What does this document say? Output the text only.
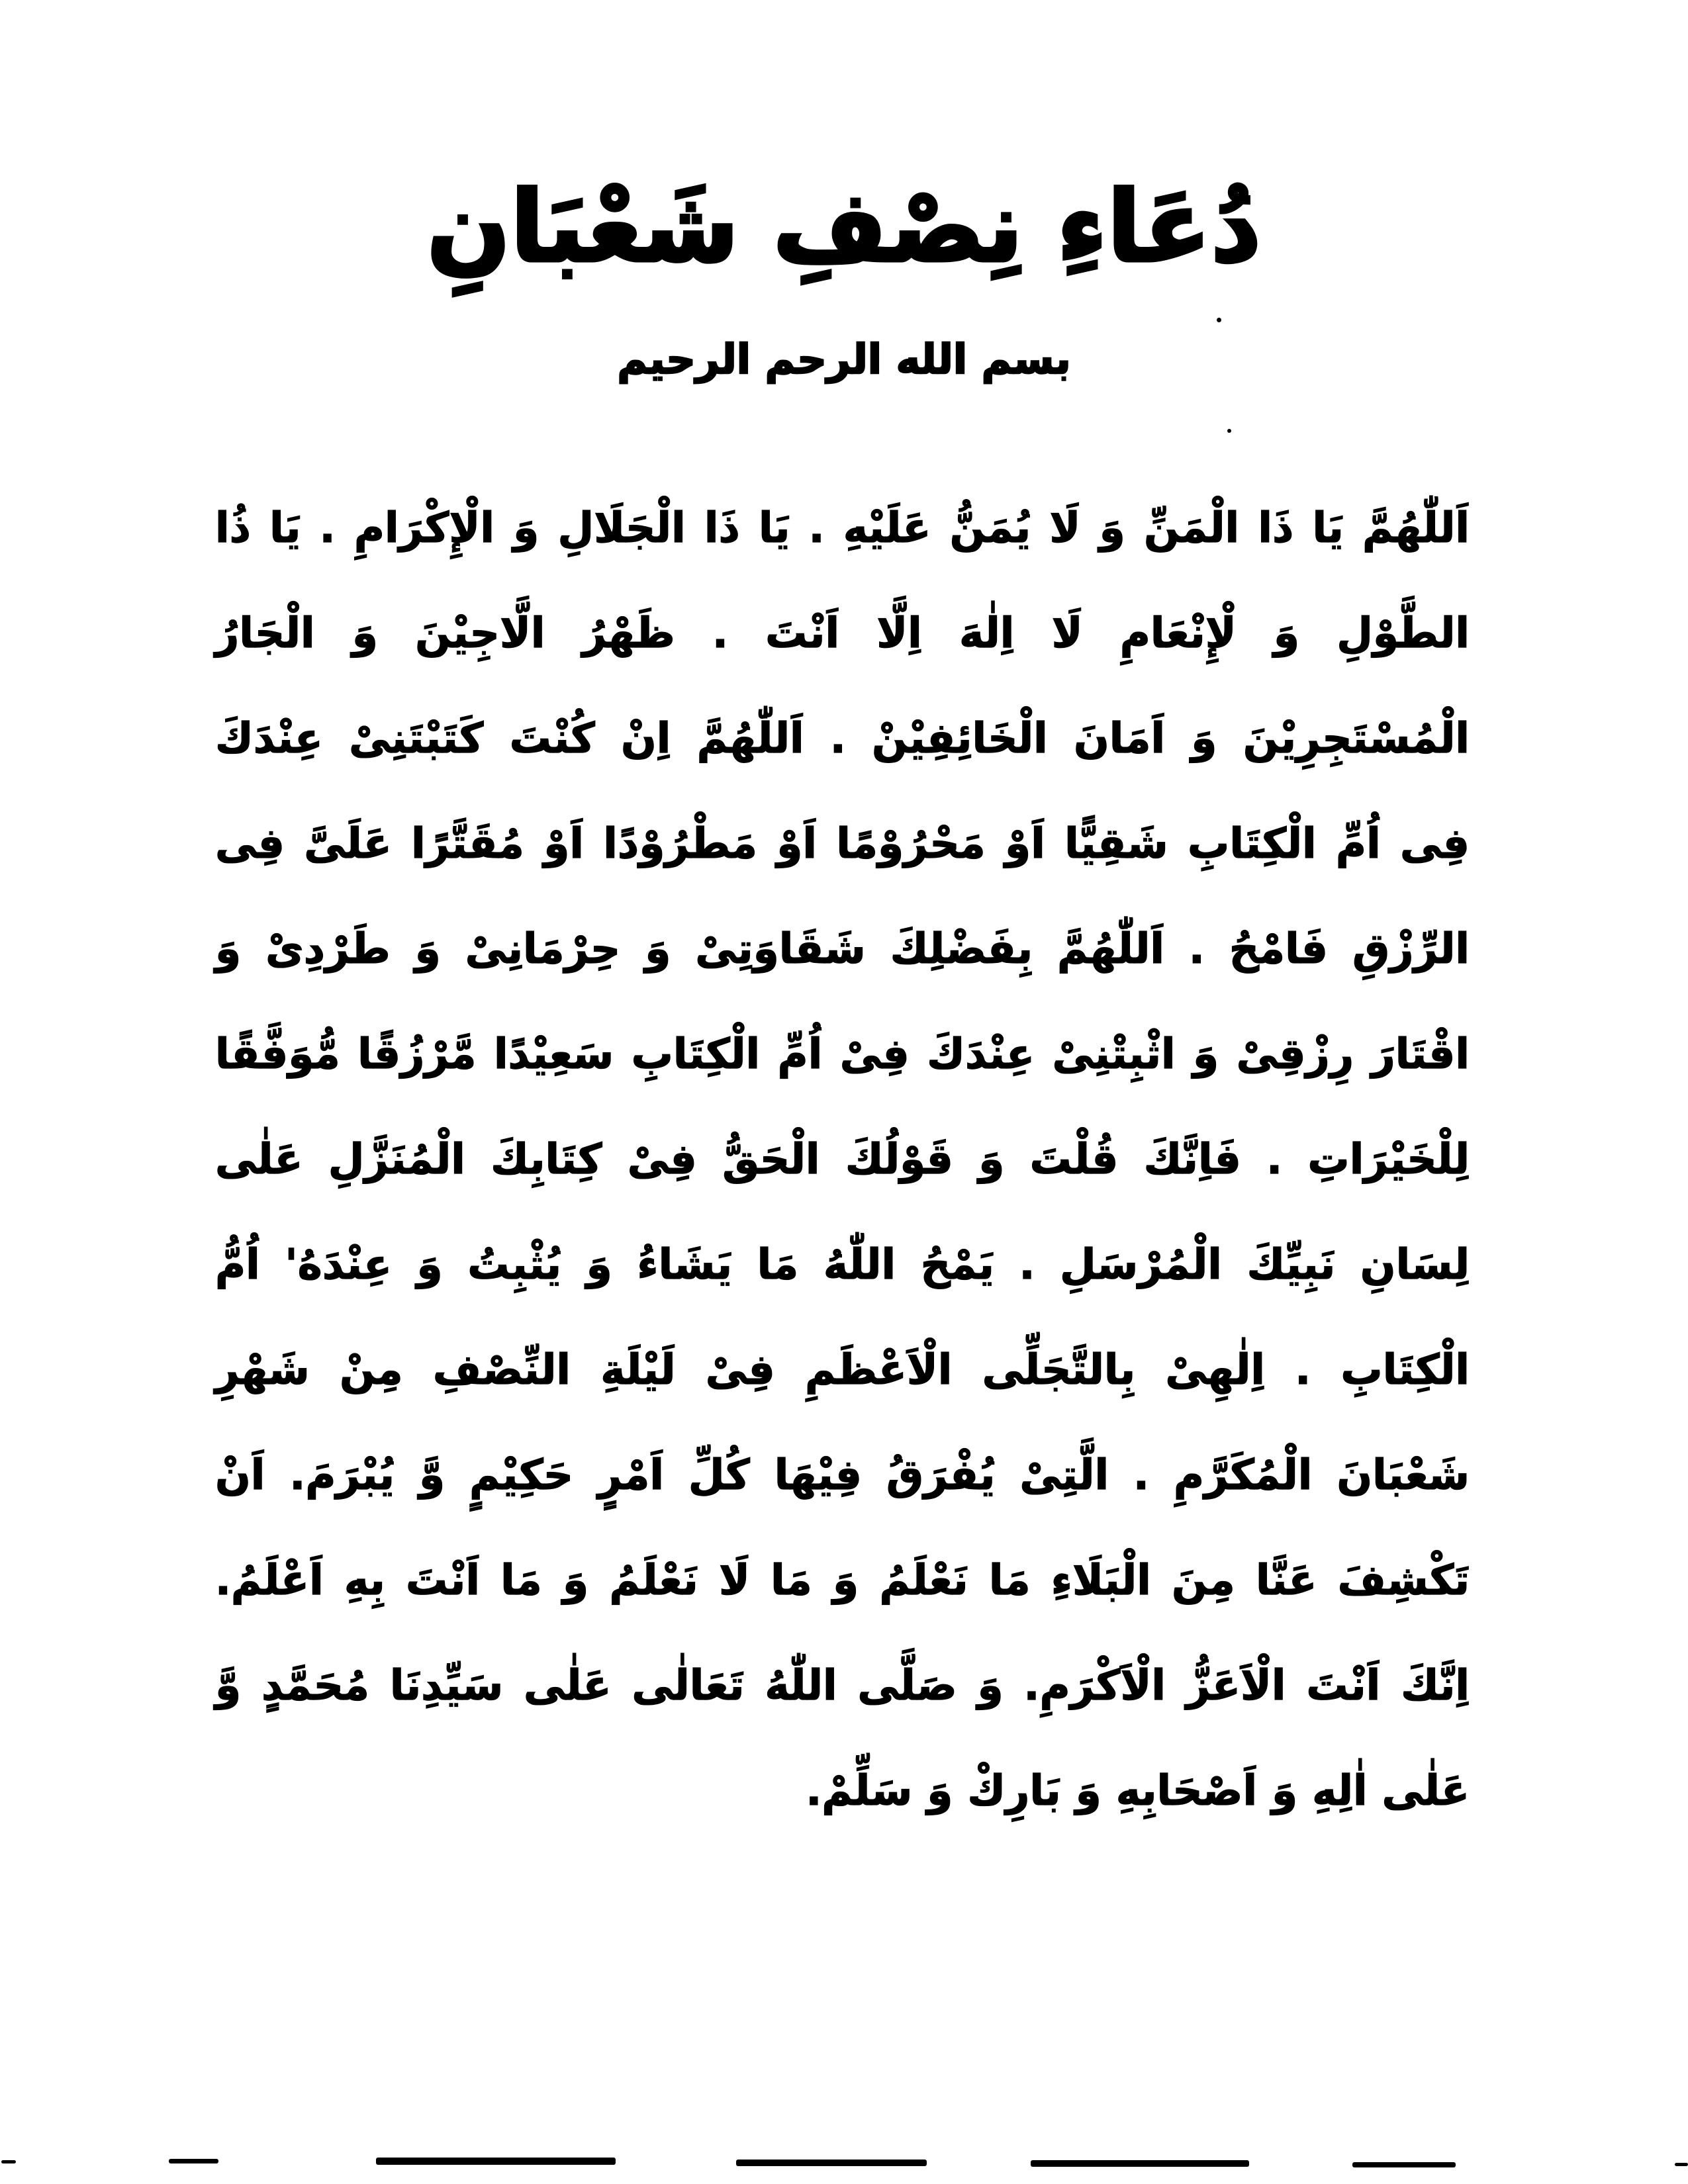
دُعَاءِ نِصْفِ شَعْبَانِ
بسم الله الرحم الرحيم
اَللّٰهُمَّ يَا ذَا الْمَنِّ وَ لَا يُمَنُّ عَلَيْهِ . يَا ذَا الْجَلَالِ وَ الْإِكْرَامِ . يَا ذُا
الطَّوْلِ وَ لْإِنْعَامِ لَا اِلٰهَ اِلَّا اَنْتَ . ظَهْرُ الَّاجِيْنَ وَ الْجَارُ
الْمُسْتَجِرِيْنَ وَ اَمَانَ الْخَائِفِيْنْ . اَللّٰهُمَّ اِنْ كُنْتَ كَتَبْتَنِىْ عِنْدَكَ
فِى اُمِّ الْكِتَابِ شَقِيًّا اَوْ مَحْرُوْمًا اَوْ مَطْرُوْدًا اَوْ مُقَتَّرًا عَلَىَّ فِى
الرِّزْقِ فَامْحُ . اَللّٰهُمَّ بِفَضْلِكَ شَقَاوَتِىْ وَ حِرْمَانِىْ وَ طَرْدِىْ وَ
اقْتَارَ رِزْقِىْ وَ اثْبِتْنِىْ عِنْدَكَ فِىْ اُمِّ الْكِتَابِ سَعِيْدًا مَّرْزُقًا مُّوَفَّقًا
لِلْخَيْرَاتِ . فَاِنَّكَ قُلْتَ وَ قَوْلُكَ الْحَقُّ فِىْ كِتَابِكَ الْمُنَزَّلِ عَلٰى
لِسَانِ نَبِيِّكَ الْمُرْسَلِ . يَمْحُ اللّٰهُ مَا يَشَاءُ وَ يُثْبِتُ وَ عِنْدَهُ' اُمُّ
الْكِتَابِ . اِلٰهِىْ بِالتَّجَلِّى الْاَعْظَمِ فِىْ لَيْلَةِ النِّصْفِ مِنْ شَهْرِ
شَعْبَانَ الْمُكَرَّمِ . الَّتِىْ يُفْرَقُ فِيْهَا كُلِّ اَمْرٍ حَكِيْمٍ وَّ يُبْرَمَ. اَنْ
تَكْشِفَ عَنَّا مِنَ الْبَلَاءِ مَا نَعْلَمُ وَ مَا لَا نَعْلَمُ وَ مَا اَنْتَ بِهِ اَعْلَمُ.
اِنَّكَ اَنْتَ الْاَعَزُّ الْاَكْرَمِ. وَ صَلَّى اللّٰهُ تَعَالٰى عَلٰى سَيِّدِنَا مُحَمَّدٍ وَّ
عَلٰى اٰلِهِ وَ اَصْحَابِهِ وَ بَارِكْ وَ سَلِّمْ.
